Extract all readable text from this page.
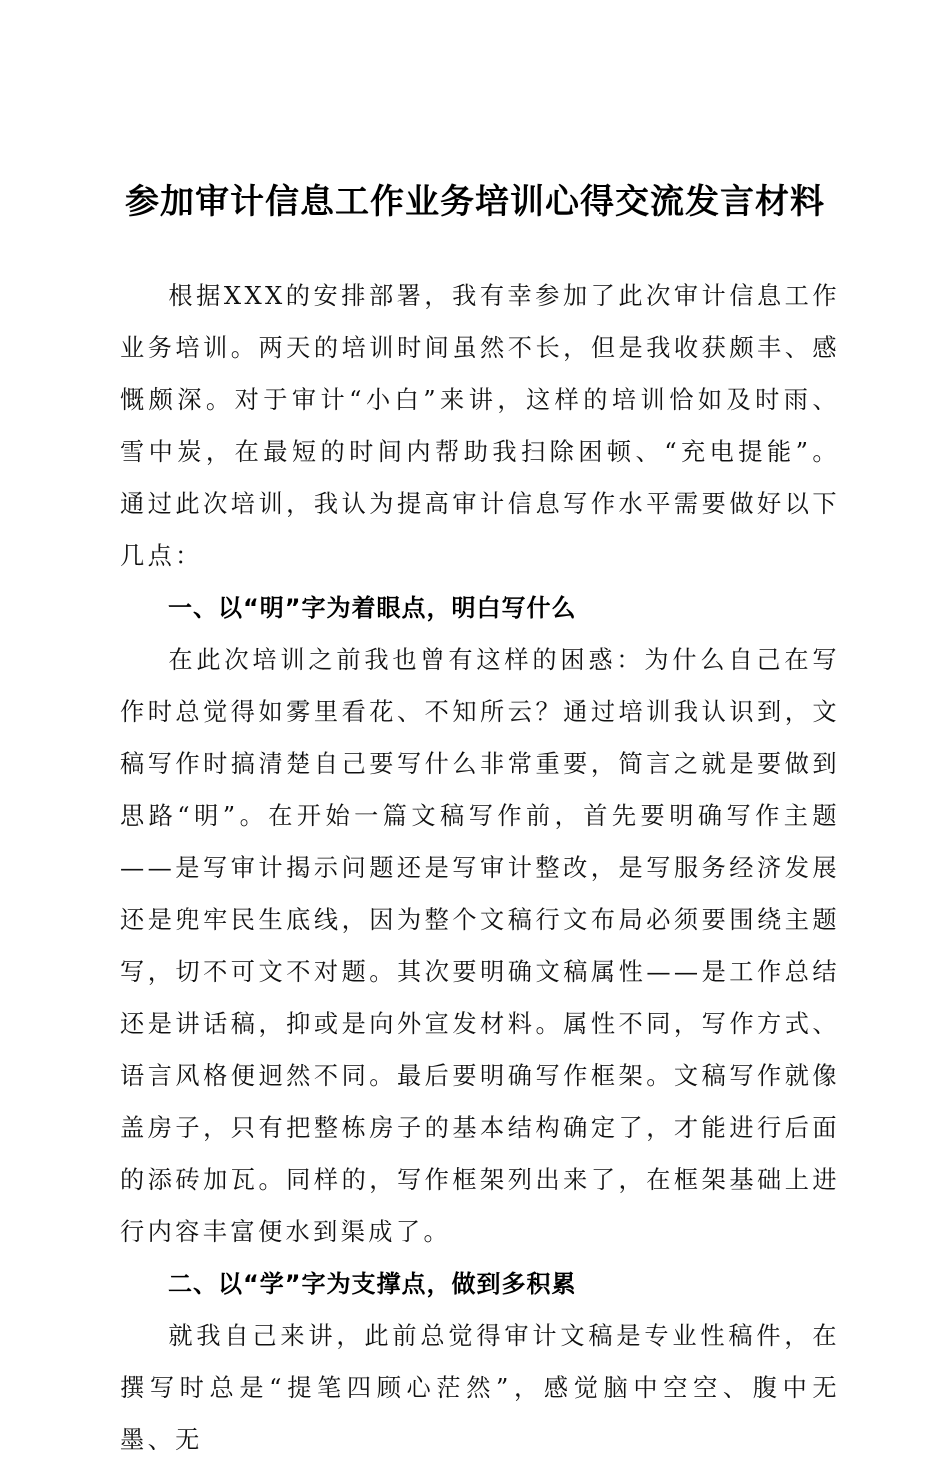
参加审计信息工作业务培训心得交流发言材料

根据XXX的安排部署，我有幸参加了此次审计信息工作业务培训。两天的培训时间虽然不长，但是我收获颇丰、感慨颇深。对于审计“小白”来讲，这样的培训恰如及时雨、雪中炭，在最短的时间内帮助我扫除困顿、“充电提能”。通过此次培训，我认为提高审计信息写作水平需要做好以下几点：

一、以“明”字为着眼点，明白写什么

在此次培训之前我也曾有这样的困惑：为什么自己在写作时总觉得如雾里看花、不知所云？通过培训我认识到，文稿写作时搞清楚自己要写什么非常重要，简言之就是要做到思路“明”。在开始一篇文稿写作前，首先要明确写作主题——是写审计揭示问题还是写审计整改，是写服务经济发展还是兜牢民生底线，因为整个文稿行文布局必须要围绕主题写，切不可文不对题。其次要明确文稿属性——是工作总结还是讲话稿，抑或是向外宣发材料。属性不同，写作方式、语言风格便迥然不同。最后要明确写作框架。文稿写作就像盖房子，只有把整栋房子的基本结构确定了，才能进行后面的添砖加瓦。同样的，写作框架列出来了，在框架基础上进行内容丰富便水到渠成了。

二、以“学”字为支撑点，做到多积累

就我自己来讲，此前总觉得审计文稿是专业性稿件，在撰写时总是“提笔四顾心茫然”，感觉脑中空空、腹中无墨、无
